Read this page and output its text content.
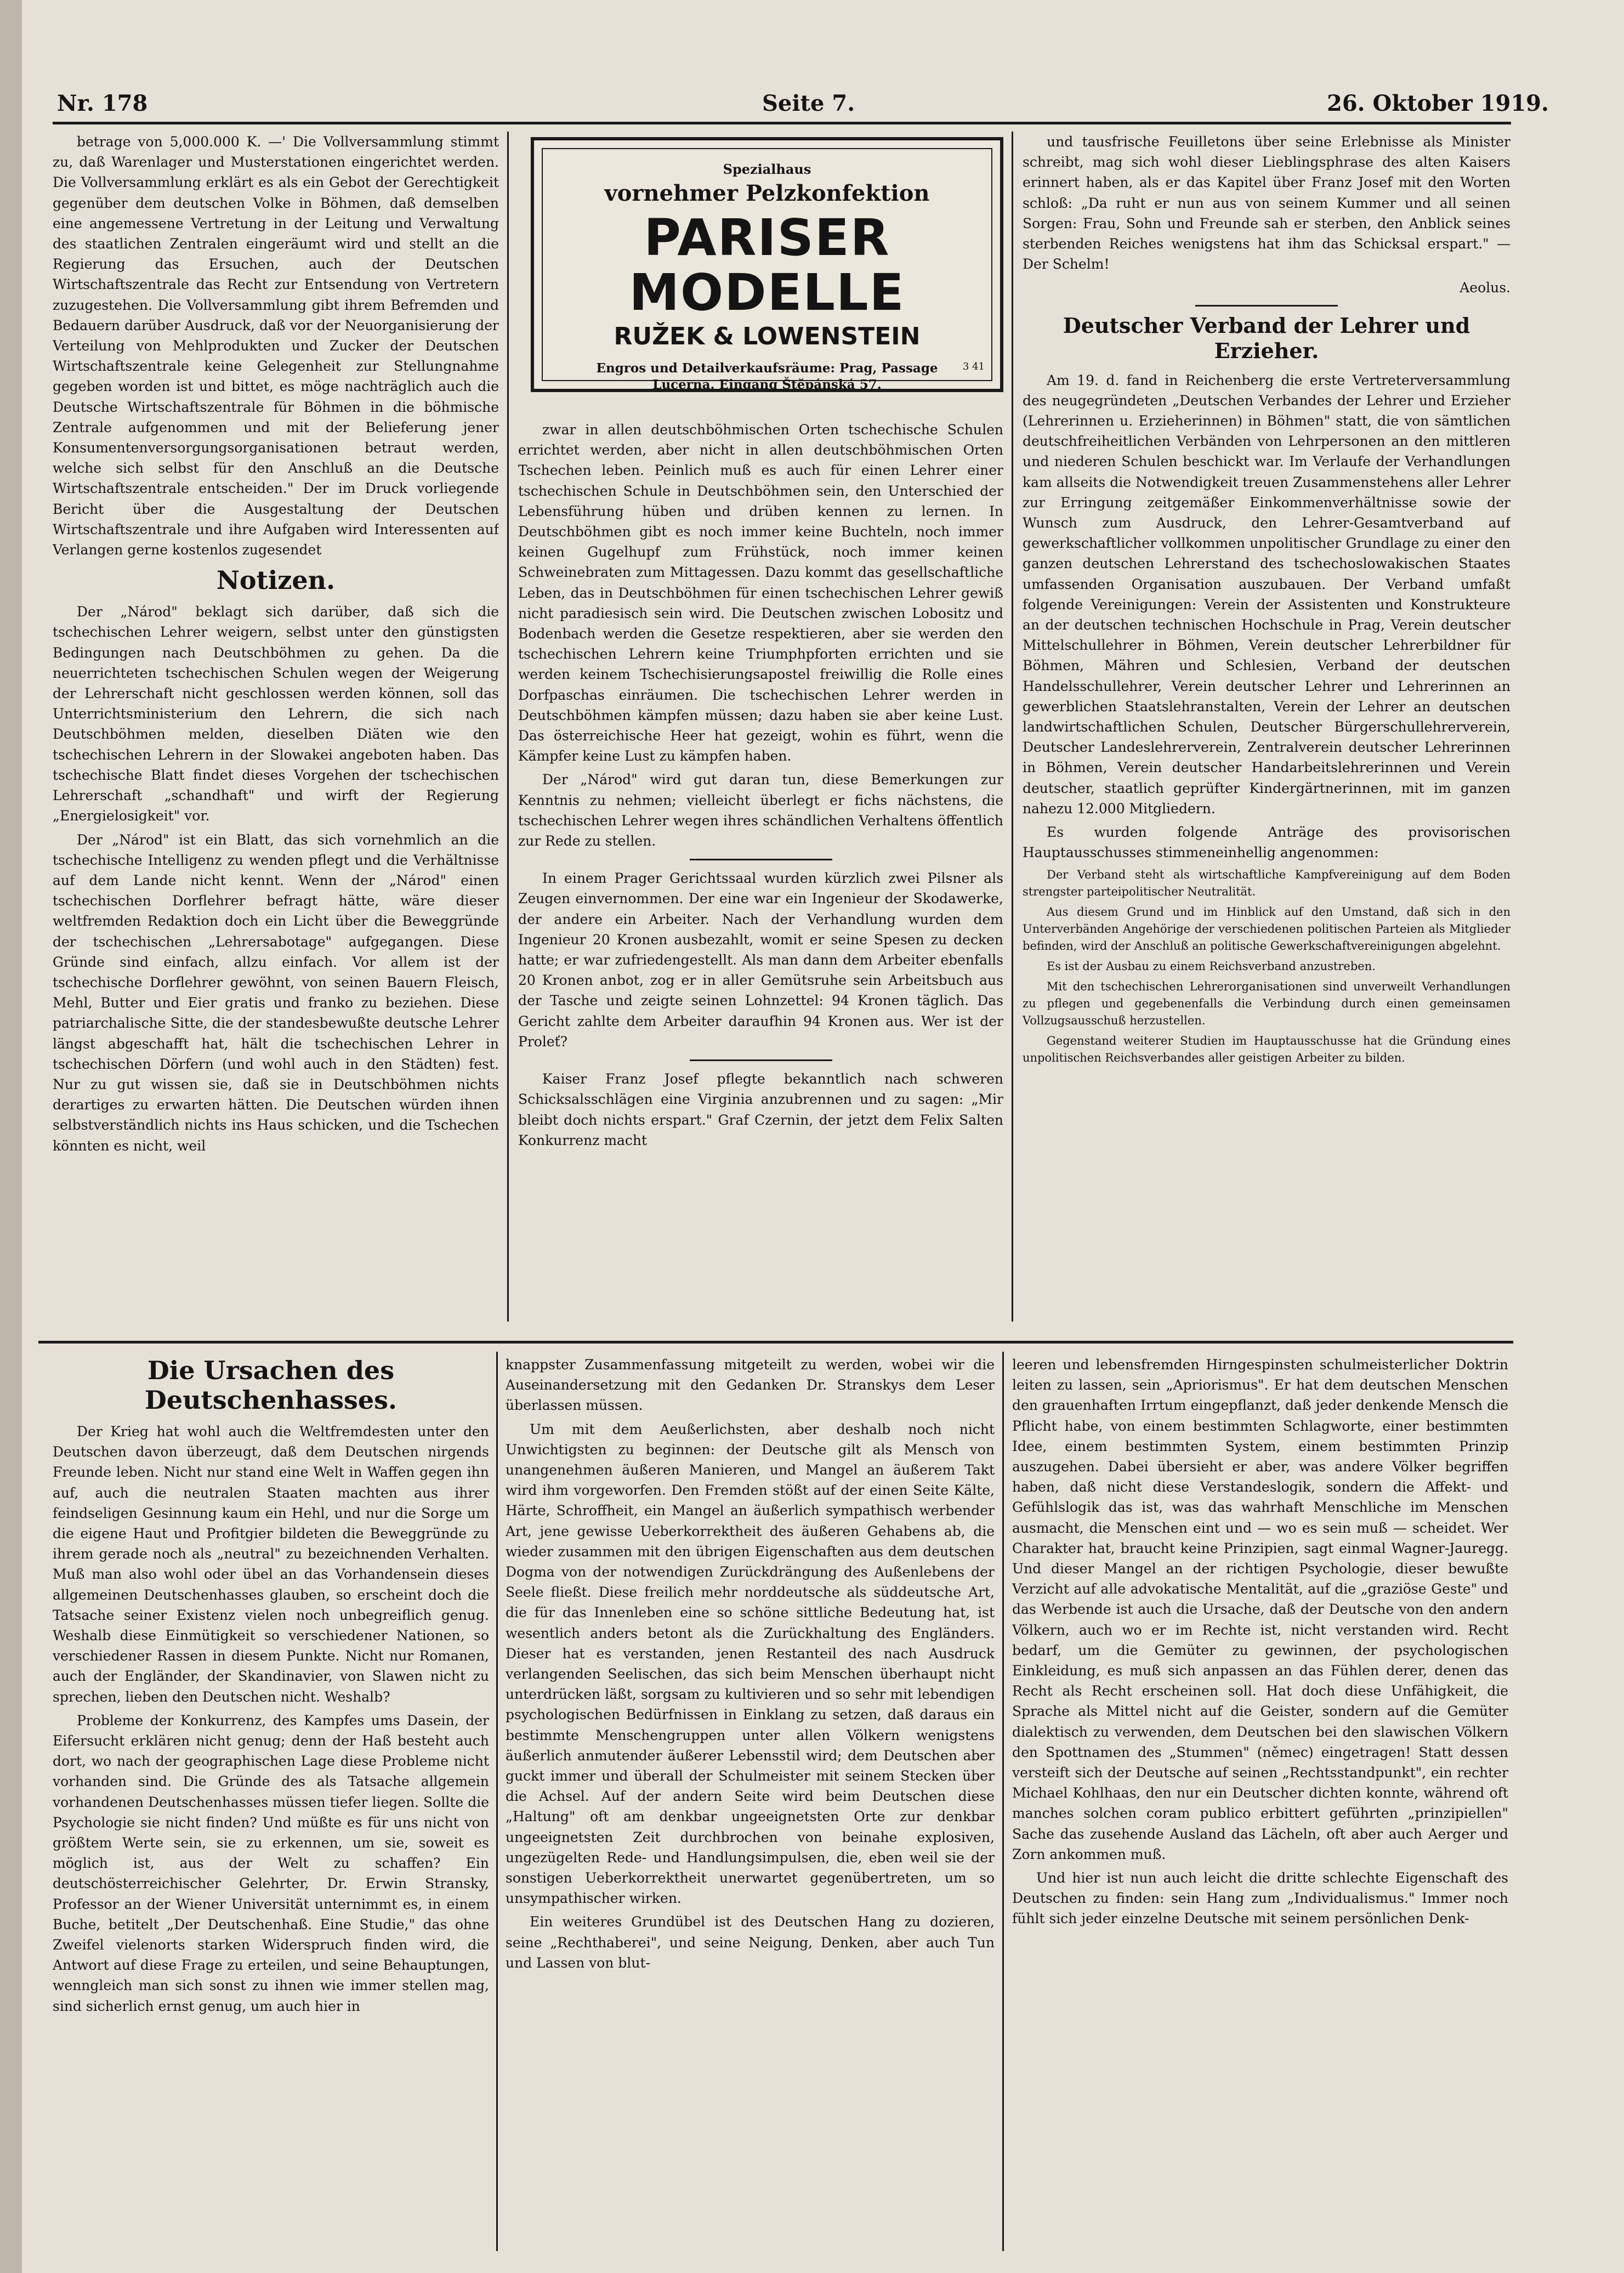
Nr. 178	Seite 7.	26. Oktober 1919.

betrage von 5,000.000 K. —' Die Vollversammlung stimmt zu, daß Warenlager und Musterstationen eingerichtet werden. Die Vollversammlung erklärt es als ein Gebot der Gerechtigkeit gegenüber dem deutschen Volke in Böhmen, daß demselben eine angemessene Vertretung in der Leitung und Verwaltung des staatlichen Zentralen eingeräumt wird und stellt an die Regierung das Ersuchen, auch der Deutschen Wirtschaftszentrale das Recht zur Entsendung von Vertretern zuzugestehen. Die Vollversammlung gibt ihrem Befremden und Bedauern darüber Ausdruck, daß vor der Neuorganisierung der Verteilung von Mehlprodukten und Zucker der Deutschen Wirtschaftszentrale keine Gelegenheit zur Stellungnahme gegeben worden ist und bittet, es möge nachträglich auch die Deutsche Wirtschaftszentrale für Böhmen in die böhmische Zentrale aufgenommen und mit der Belieferung jener Konsumentenversorgungsorganisationen betraut werden, welche sich selbst für den Anschluß an die Deutsche Wirtschaftszentrale entscheiden." Der im Druck vorliegende Bericht über die Ausgestaltung der Deutschen Wirtschaftszentrale und ihre Aufgaben wird Interessenten auf Verlangen gerne kostenlos zugesendet

Notizen.

Der „Národ" beklagt sich darüber, daß sich die tschechischen Lehrer weigern, selbst unter den günstigsten Bedingungen nach Deutschböhmen zu gehen. Da die neuerrichteten tschechischen Schulen wegen der Weigerung der Lehrerschaft nicht geschlossen werden können, soll das Unterrichtsministerium den Lehrern, die sich nach Deutschböhmen melden, dieselben Diäten wie den tschechischen Lehrern in der Slowakei angeboten haben. Das tschechische Blatt findet dieses Vorgehen der tschechischen Lehrerschaft „schandhaft" und wirft der Regierung „Energielosigkeit" vor.

Der „Národ" ist ein Blatt, das sich vornehmlich an die tschechische Intelligenz zu wenden pflegt und die Verhältnisse auf dem Lande nicht kennt. Wenn der „Národ" einen tschechischen Dorflehrer befragt hätte, wäre dieser weltfremden Redaktion doch ein Licht über die Beweggründe der tschechischen „Lehrersabotage" aufgegangen. Diese Gründe sind einfach, allzu einfach. Vor allem ist der tschechische Dorflehrer gewöhnt, von seinen Bauern Fleisch, Mehl, Butter und Eier gratis und franko zu beziehen. Diese patriarchalische Sitte, die der standesbewußte deutsche Lehrer längst abgeschafft hat, hält die tschechischen Lehrer in tschechischen Dörfern (und wohl auch in den Städten) fest. Nur zu gut wissen sie, daß sie in Deutschböhmen nichts derartiges zu erwarten hätten. Die Deutschen würden ihnen selbstverständlich nichts ins Haus schicken, und die Tschechen könnten es nicht, weil

Spezialhaus
vornehmer Pelzkonfektion
PARISER MODELLE
RUŽEK & LOWENSTEIN
Engros und Detailverkaufsräume: Prag, Passage
Lucerna. Eingang Štěpánská 57.
3 41

zwar in allen deutschböhmischen Orten tschechische Schulen errichtet werden, aber nicht in allen deutschböhmischen Orten Tschechen leben. Peinlich muß es auch für einen Lehrer einer tschechischen Schule in Deutschböhmen sein, den Unterschied der Lebensführung hüben und drüben kennen zu lernen. In Deutschböhmen gibt es noch immer keine Buchteln, noch immer keinen Gugelhupf zum Frühstück, noch immer keinen Schweinebraten zum Mittagessen. Dazu kommt das gesellschaftliche Leben, das in Deutschböhmen für einen tschechischen Lehrer gewiß nicht paradiesisch sein wird. Die Deutschen zwischen Lobositz und Bodenbach werden die Gesetze respektieren, aber sie werden den tschechischen Lehrern keine Triumphpforten errichten und sie werden keinem Tschechisierungsapostel freiwillig die Rolle eines Dorfpaschas einräumen. Die tschechischen Lehrer werden in Deutschböhmen kämpfen müssen; dazu haben sie aber keine Lust. Das österreichische Heer hat gezeigt, wohin es führt, wenn die Kämpfer keine Lust zu kämpfen haben.

Der „Národ" wird gut daran tun, diese Bemerkungen zur Kenntnis zu nehmen; vielleicht überlegt er fichs nächstens, die tschechischen Lehrer wegen ihres schändlichen Verhaltens öffentlich zur Rede zu stellen.

In einem Prager Gerichtssaal wurden kürzlich zwei Pilsner als Zeugen einvernommen. Der eine war ein Ingenieur der Skodawerke, der andere ein Arbeiter. Nach der Verhandlung wurden dem Ingenieur 20 Kronen ausbezahlt, womit er seine Spesen zu decken hatte; er war zufriedengestellt. Als man dann dem Arbeiter ebenfalls 20 Kronen anbot, zog er in aller Gemütsruhe sein Arbeitsbuch aus der Tasche und zeigte seinen Lohnzettel: 94 Kronen täglich. Das Gericht zahlte dem Arbeiter daraufhin 94 Kronen aus. Wer ist der Proleť?

Kaiser Franz Josef pflegte bekanntlich nach schweren Schicksalsschlägen eine Virginia anzubrennen und zu sagen: „Mir bleibt doch nichts erspart." Graf Czernin, der jetzt dem Felix Salten Konkurrenz macht

und tausfrische Feuilletons über seine Erlebnisse als Minister schreibt, mag sich wohl dieser Lieblingsphrase des alten Kaisers erinnert haben, als er das Kapitel über Franz Josef mit den Worten schloß: „Da ruht er nun aus von seinem Kummer und all seinen Sorgen: Frau, Sohn und Freunde sah er sterben, den Anblick seines sterbenden Reiches wenigstens hat ihm das Schicksal erspart." — Der Schelm!

Aeolus.

Deutscher Verband der Lehrer und Erzieher.

Am 19. d. fand in Reichenberg die erste Vertreterversammlung des neugegründeten „Deutschen Verbandes der Lehrer und Erzieher (Lehrerinnen u. Erzieherinnen) in Böhmen" statt, die von sämtlichen deutschfreiheitlichen Verbänden von Lehrpersonen an den mittleren und niederen Schulen beschickt war. Im Verlaufe der Verhandlungen kam allseits die Notwendigkeit treuen Zusammenstehens aller Lehrer zur Erringung zeitgemäßer Einkommenverhältnisse sowie der Wunsch zum Ausdruck, den Lehrer-Gesamtverband auf gewerkschaftlicher vollkommen unpolitischer Grundlage zu einer den ganzen deutschen Lehrerstand des tschechoslowakischen Staates umfassenden Organisation auszubauen. Der Verband umfaßt folgende Vereinigungen: Verein der Assistenten und Konstrukteure an der deutschen technischen Hochschule in Prag, Verein deutscher Mittelschullehrer in Böhmen, Verein deutscher Lehrerbildner für Böhmen, Mähren und Schlesien, Verband der deutschen Handelsschullehrer, Verein deutscher Lehrer und Lehrerinnen an gewerblichen Staatslehranstalten, Verein der Lehrer an deutschen landwirtschaftlichen Schulen, Deutscher Bürgerschullehrerverein, Deutscher Landeslehrerverein, Zentralverein deutscher Lehrerinnen in Böhmen, Verein deutscher Handarbeitslehrerinnen und Verein deutscher, staatlich geprüfter Kindergärtnerinnen, mit im ganzen nahezu 12.000 Mitgliedern.

Es wurden folgende Anträge des provisorischen Hauptausschusses stimmeneinhellig angenommen:

Der Verband steht als wirtschaftliche Kampfvereinigung auf dem Boden strengster parteipolitischer Neutralität.

Aus diesem Grund und im Hinblick auf den Umstand, daß sich in den Unterverbänden Angehörige der verschiedenen politischen Parteien als Mitglieder befinden, wird der Anschluß an politische Gewerkschaftvereinigungen abgelehnt.

Es ist der Ausbau zu einem Reichsverband anzustreben.

Mit den tschechischen Lehrerorganisationen sind unverweilt Verhandlungen zu pflegen und gegebenenfalls die Verbindung durch einen gemeinsamen Vollzugsausschuß herzustellen.

Gegenstand weiterer Studien im Hauptausschusse hat die Gründung eines unpolitischen Reichsverbandes aller geistigen Arbeiter zu bilden.

Die Ursachen des Deutschenhasses.

Der Krieg hat wohl auch die Weltfremdesten unter den Deutschen davon überzeugt, daß dem Deutschen nirgends Freunde leben. Nicht nur stand eine Welt in Waffen gegen ihn auf, auch die neutralen Staaten machten aus ihrer feindseligen Gesinnung kaum ein Hehl, und nur die Sorge um die eigene Haut und Profitgier bildeten die Beweggründe zu ihrem gerade noch als „neutral" zu bezeichnenden Verhalten. Muß man also wohl oder übel an das Vorhandensein dieses allgemeinen Deutschenhasses glauben, so erscheint doch die Tatsache seiner Existenz vielen noch unbegreiflich genug. Weshalb diese Einmütigkeit so verschiedener Nationen, so verschiedener Rassen in diesem Punkte. Nicht nur Romanen, auch der Engländer, der Skandinavier, von Slawen nicht zu sprechen, lieben den Deutschen nicht. Weshalb?

Probleme der Konkurrenz, des Kampfes ums Dasein, der Eifersucht erklären nicht genug; denn der Haß besteht auch dort, wo nach der geographischen Lage diese Probleme nicht vorhanden sind. Die Gründe des als Tatsache allgemein vorhandenen Deutschenhasses müssen tiefer liegen. Sollte die Psychologie sie nicht finden? Und müßte es für uns nicht von größtem Werte sein, sie zu erkennen, um sie, soweit es möglich ist, aus der Welt zu schaffen? Ein deutschösterreichischer Gelehrter, Dr. Erwin Stransky, Professor an der Wiener Universität unternimmt es, in einem Buche, betitelt „Der Deutschenhaß. Eine Studie," das ohne Zweifel vielenorts starken Widerspruch finden wird, die Antwort auf diese Frage zu erteilen, und seine Behauptungen, wenngleich man sich sonst zu ihnen wie immer stellen mag, sind sicherlich ernst genug, um auch hier in

knappster Zusammenfassung mitgeteilt zu werden, wobei wir die Auseinandersetzung mit den Gedanken Dr. Stranskys dem Leser überlassen müssen.

Um mit dem Aeußerlichsten, aber deshalb noch nicht Unwichtigsten zu beginnen: der Deutsche gilt als Mensch von unangenehmen äußeren Manieren, und Mangel an äußerem Takt wird ihm vorgeworfen. Den Fremden stößt auf der einen Seite Kälte, Härte, Schroffheit, ein Mangel an äußerlich sympathisch werbender Art, jene gewisse Ueberkorrektheit des äußeren Gehabens ab, die wieder zusammen mit den übrigen Eigenschaften aus dem deutschen Dogma von der notwendigen Zurückdrängung des Außenlebens der Seele fließt. Diese freilich mehr norddeutsche als süddeutsche Art, die für das Innenleben eine so schöne sittliche Bedeutung hat, ist wesentlich anders betont als die Zurückhaltung des Engländers. Dieser hat es verstanden, jenen Restanteil des nach Ausdruck verlangenden Seelischen, das sich beim Menschen überhaupt nicht unterdrücken läßt, sorgsam zu kultivieren und so sehr mit lebendigen psychologischen Bedürfnissen in Einklang zu setzen, daß daraus ein bestimmte Menschengruppen unter allen Völkern wenigstens äußerlich anmutender äußerer Lebensstil wird; dem Deutschen aber guckt immer und überall der Schulmeister mit seinem Stecken über die Achsel. Auf der andern Seite wird beim Deutschen diese „Haltung" oft am denkbar ungeeignetsten Orte zur denkbar ungeeignetsten Zeit durchbrochen von beinahe explosiven, ungezügelten Rede- und Handlungsimpulsen, die, eben weil sie der sonstigen Ueberkorrektheit unerwartet gegenübertreten, um so unsympathischer wirken.

Ein weiteres Grundübel ist des Deutschen Hang zu dozieren, seine „Rechthaberei", und seine Neigung, Denken, aber auch Tun und Lassen von blut-

leeren und lebensfremden Hirngespinsten schulmeisterlicher Doktrin leiten zu lassen, sein „Apriorismus". Er hat dem deutschen Menschen den grauenhaften Irrtum eingepflanzt, daß jeder denkende Mensch die Pflicht habe, von einem bestimmten Schlagworte, einer bestimmten Idee, einem bestimmten System, einem bestimmten Prinzip auszugehen. Dabei übersieht er aber, was andere Völker begriffen haben, daß nicht diese Verstandeslogik, sondern die Affekt- und Gefühlslogik das ist, was das wahrhaft Menschliche im Menschen ausmacht, die Menschen eint und — wo es sein muß — scheidet. Wer Charakter hat, braucht keine Prinzipien, sagt einmal Wagner-Jauregg. Und dieser Mangel an der richtigen Psychologie, dieser bewußte Verzicht auf alle advokatische Mentalität, auf die „graziöse Geste" und das Werbende ist auch die Ursache, daß der Deutsche von den andern Völkern, auch wo er im Rechte ist, nicht verstanden wird. Recht bedarf, um die Gemüter zu gewinnen, der psychologischen Einkleidung, es muß sich anpassen an das Fühlen derer, denen das Recht als Recht erscheinen soll. Hat doch diese Unfähigkeit, die Sprache als Mittel nicht auf die Geister, sondern auf die Gemüter dialektisch zu verwenden, dem Deutschen bei den slawischen Völkern den Spottnamen des „Stummen" (němec) eingetragen! Statt dessen versteift sich der Deutsche auf seinen „Rechtsstandpunkt", ein rechter Michael Kohlhaas, den nur ein Deutscher dichten konnte, während oft manches solchen coram publico erbittert geführten „prinzipiellen" Sache das zusehende Ausland das Lächeln, oft aber auch Aerger und Zorn ankommen muß.

Und hier ist nun auch leicht die dritte schlechte Eigenschaft des Deutschen zu finden: sein Hang zum „Individualismus." Immer noch fühlt sich jeder einzelne Deutsche mit seinem persönlichen Denk-
